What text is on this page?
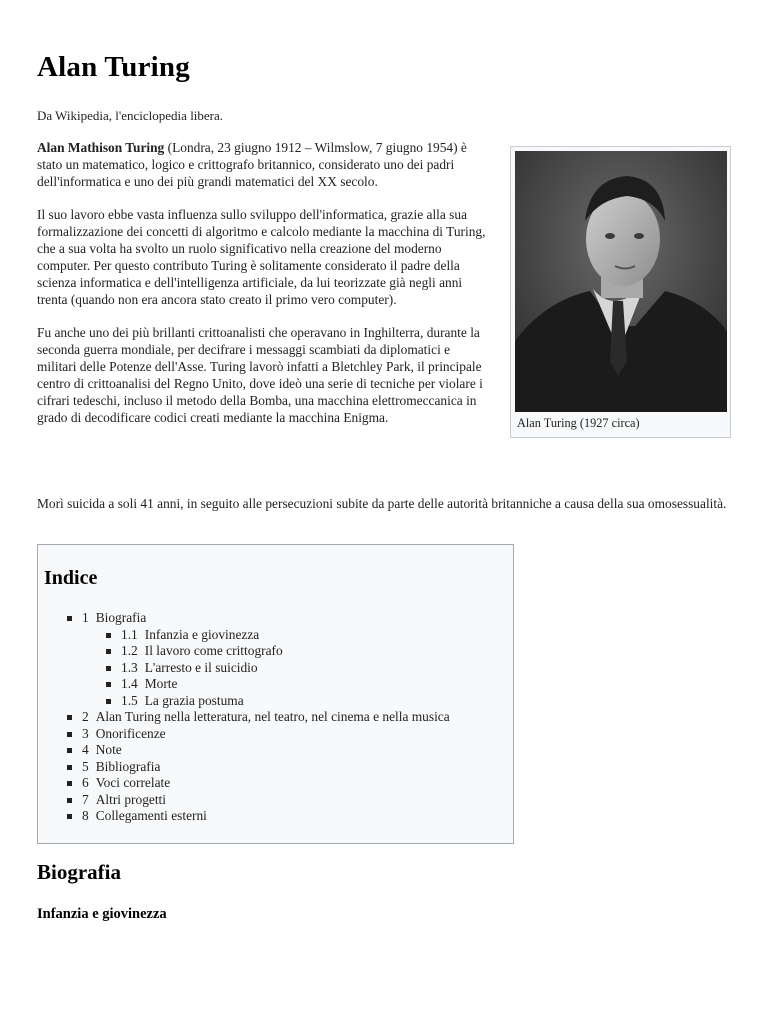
Alan Turing

Da Wikipedia, l'enciclopedia libera.

Alan Mathison Turing (Londra, 23 giugno 1912 – Wilmslow, 7 giugno 1954) è stato un matematico, logico e crittografo britannico, considerato uno dei padri dell'informatica e uno dei più grandi matematici del XX secolo.

Il suo lavoro ebbe vasta influenza sullo sviluppo dell'informatica, grazie alla sua formalizzazione dei concetti di algoritmo e calcolo mediante la macchina di Turing, che a sua volta ha svolto un ruolo significativo nella creazione del moderno computer. Per questo contributo Turing è solitamente considerato il padre della scienza informatica e dell'intelligenza artificiale, da lui teorizzate già negli anni trenta (quando non era ancora stato creato il primo vero computer).

Fu anche uno dei più brillanti crittoanalisti che operavano in Inghilterra, durante la seconda guerra mondiale, per decifrare i messaggi scambiati da diplomatici e militari delle Potenze dell'Asse. Turing lavorò infatti a Bletchley Park, il principale centro di crittoanalisi del Regno Unito, dove ideò una serie di tecniche per violare i cifrari tedeschi, incluso il metodo della Bomba, una macchina elettromeccanica in grado di decodificare codici creati mediante la macchina Enigma.

Morì suicida a soli 41 anni, in seguito alle persecuzioni subite da parte delle autorità britanniche a causa della sua omosessualità.

Alan Turing (1927 circa)
Indice
1 Biografia
1.1 Infanzia e giovinezza
1.2 Il lavoro come crittografo
1.3 L'arresto e il suicidio
1.4 Morte
1.5 La grazia postuma
2 Alan Turing nella letteratura, nel teatro, nel cinema e nella musica
3 Onorificenze
4 Note
5 Bibliografia
6 Voci correlate
7 Altri progetti
8 Collegamenti esterni
Biografia
Infanzia e giovinezza
